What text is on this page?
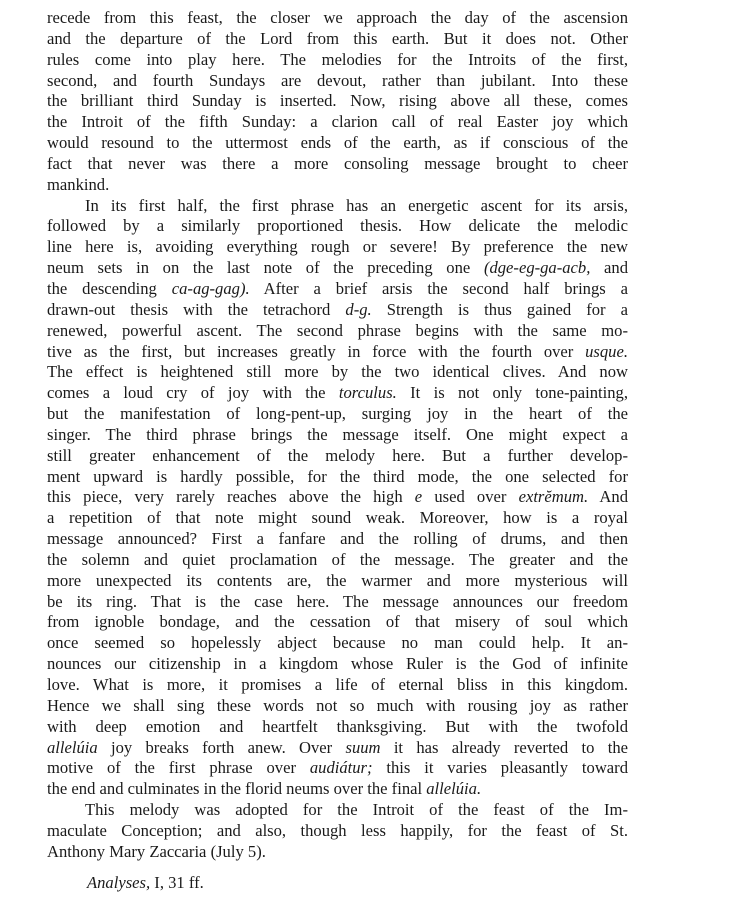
recede from this feast, the closer we approach the day of the ascension
and the departure of the Lord from this earth. But it does not. Other
rules come into play here. The melodies for the Introits of the first,
second, and fourth Sundays are devout, rather than jubilant. Into these
the brilliant third Sunday is inserted. Now, rising above all these, comes
the Introit of the fifth Sunday: a clarion call of real Easter joy which
would resound to the uttermost ends of the earth, as if conscious of the
fact that never was there a more consoling message brought to cheer
mankind.
In its first half, the first phrase has an energetic ascent for its arsis,
followed by a similarly proportioned thesis. How delicate the melodic
line here is, avoiding everything rough or severe! By preference the new
neum sets in on the last note of the preceding one (dge-eg-ga-acb, and
the descending ca-ag-gag). After a brief arsis the second half brings a
drawn-out thesis with the tetrachord d-g. Strength is thus gained for a
renewed, powerful ascent. The second phrase begins with the same mo-
tive as the first, but increases greatly in force with the fourth over usque.
The effect is heightened still more by the two identical clives. And now
comes a loud cry of joy with the torculus. It is not only tone-painting,
but the manifestation of long-pent-up, surging joy in the heart of the
singer. The third phrase brings the message itself. One might expect a
still greater enhancement of the melody here. But a further develop-
ment upward is hardly possible, for the third mode, the one selected for
this piece, very rarely reaches above the high e used over extrĕmum. And
a repetition of that note might sound weak. Moreover, how is a royal
message announced? First a fanfare and the rolling of drums, and then
the solemn and quiet proclamation of the message. The greater and the
more unexpected its contents are, the warmer and more mysterious will
be its ring. That is the case here. The message announces our freedom
from ignoble bondage, and the cessation of that misery of soul which
once seemed so hopelessly abject because no man could help. It an-
nounces our citizenship in a kingdom whose Ruler is the God of infinite
love. What is more, it promises a life of eternal bliss in this kingdom.
Hence we shall sing these words not so much with rousing joy as rather
with deep emotion and heartfelt thanksgiving. But with the twofold
allelúia joy breaks forth anew. Over suum it has already reverted to the
motive of the first phrase over audiátur; this it varies pleasantly toward
the end and culminates in the florid neums over the final allelúia.
This melody was adopted for the Introit of the feast of the Im-
maculate Conception; and also, though less happily, for the feast of St.
Anthony Mary Zaccaria (July 5).
Analyses, I, 31 ff.
